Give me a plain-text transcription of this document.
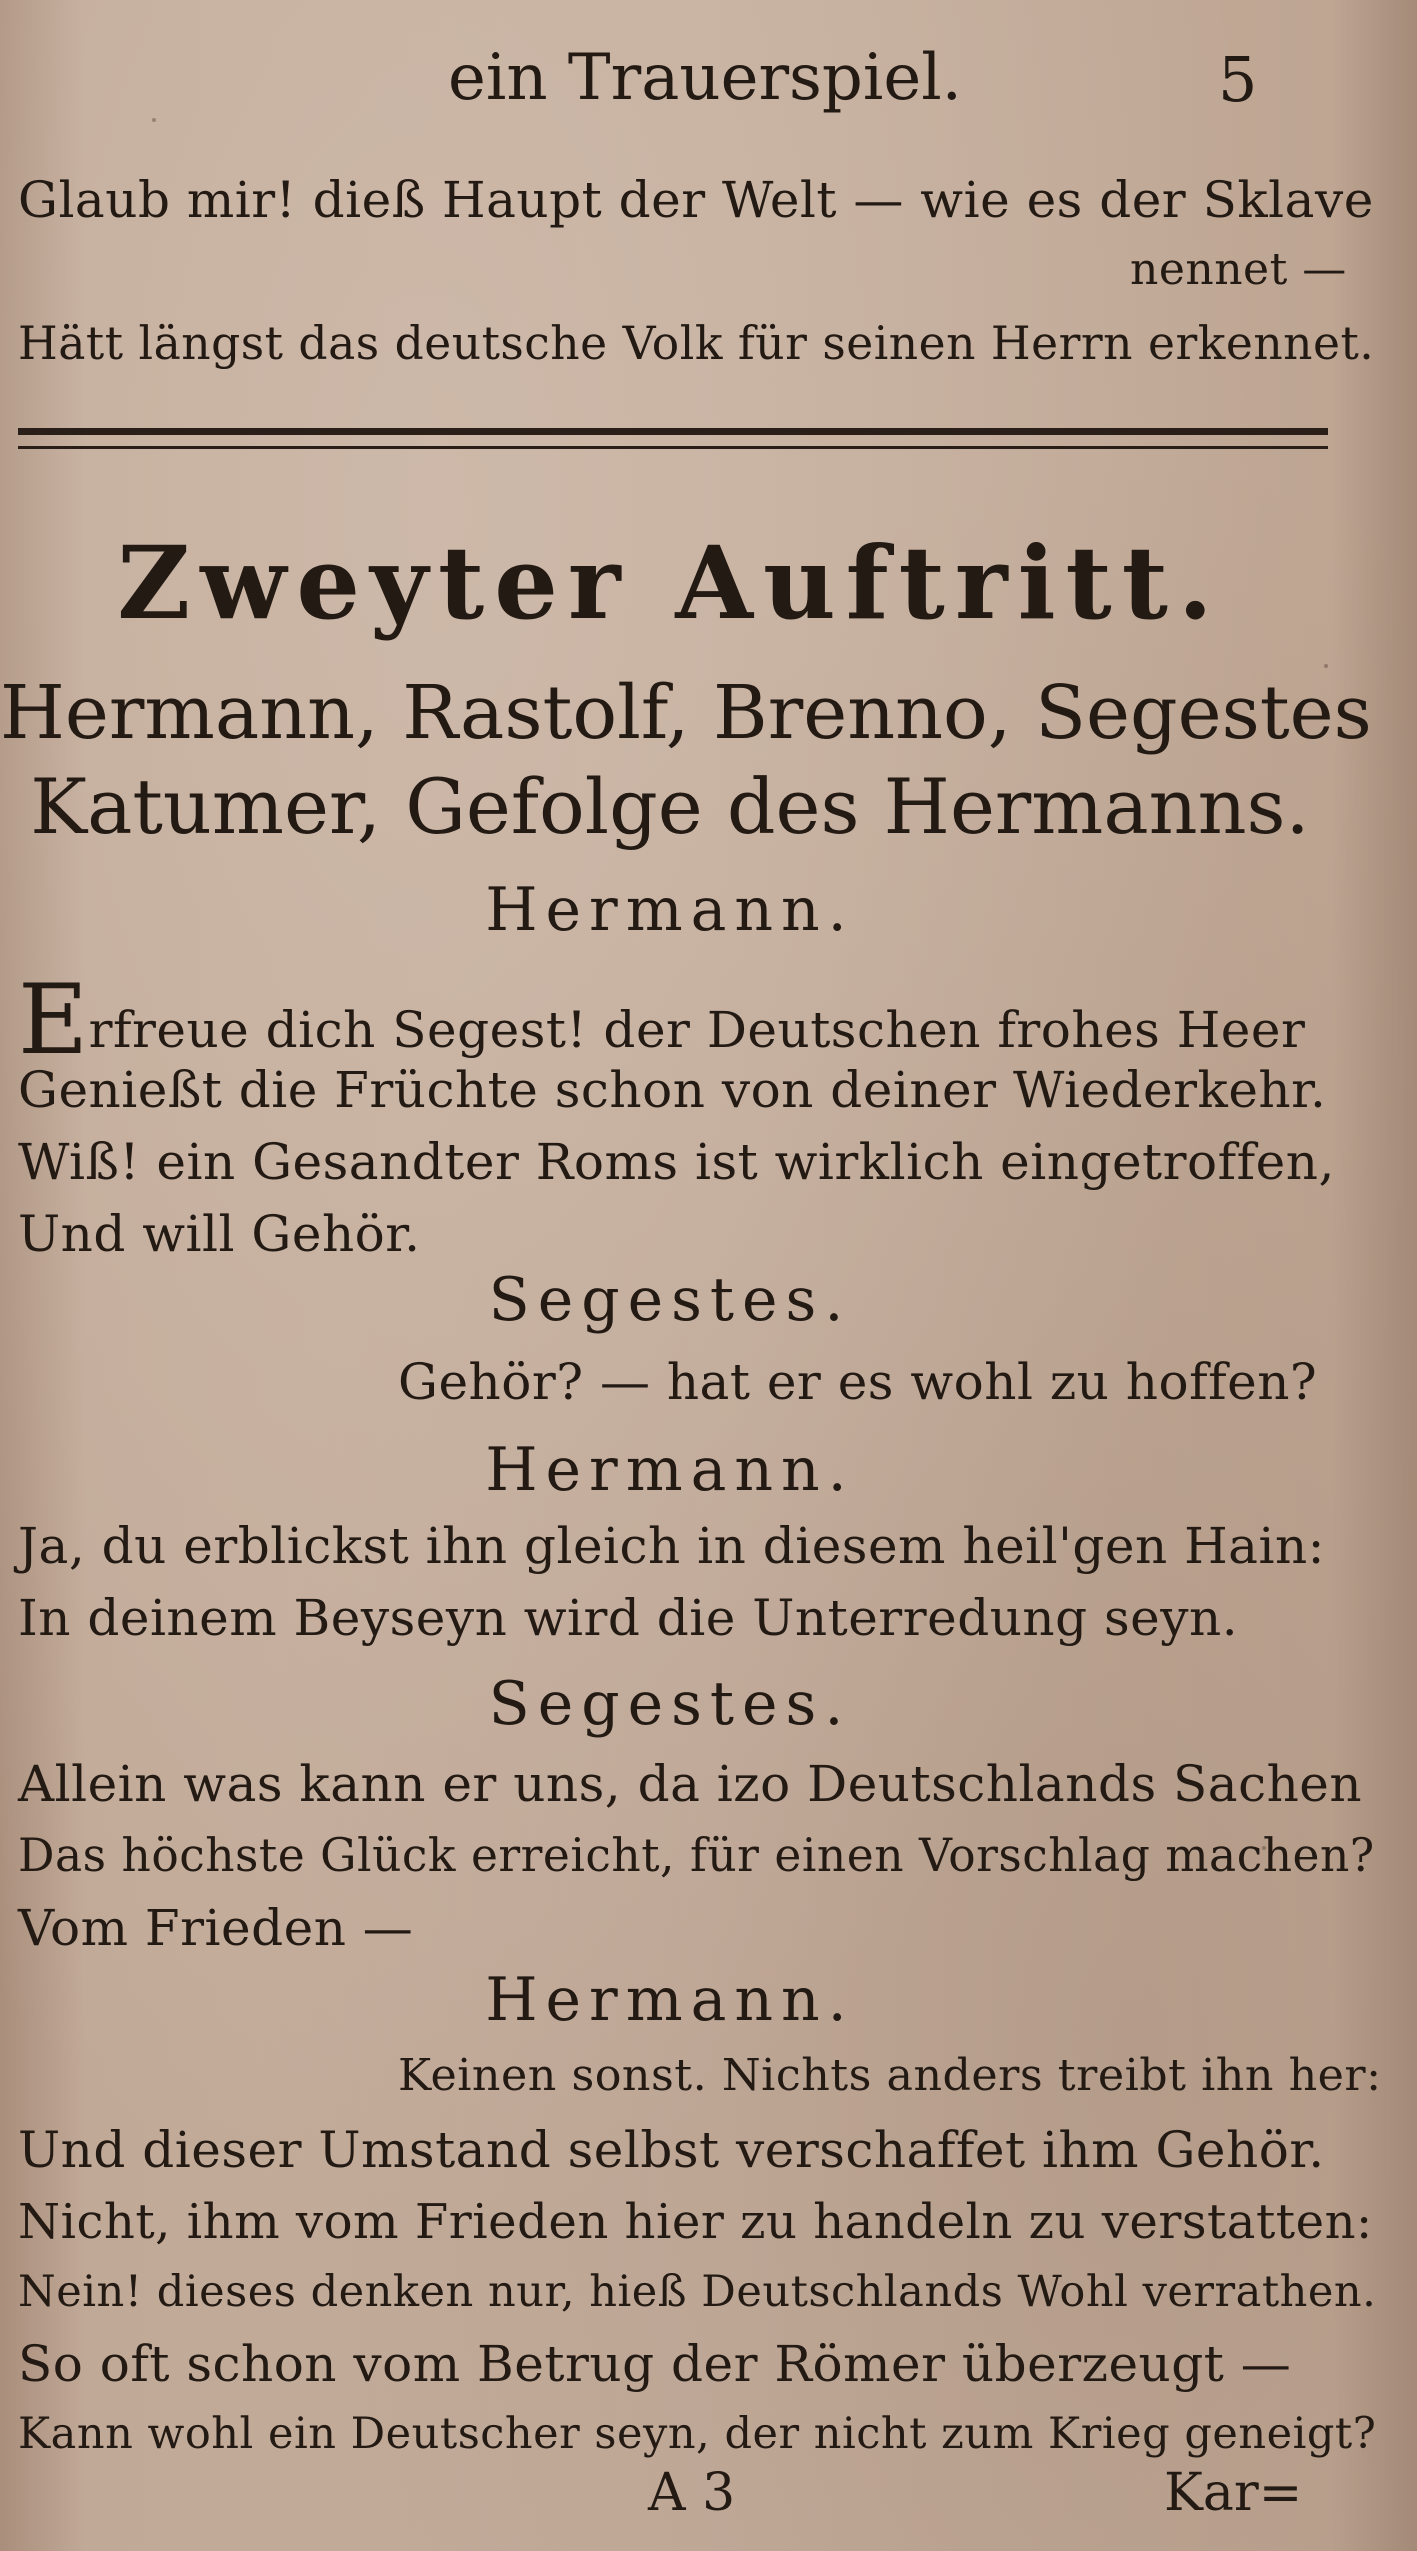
ein Trauerspiel.	5
Glaub mir! dieß Haupt der Welt — wie es der Sklave
nennet —
Hätt längst das deutsche Volk für seinen Herrn erkennet.
Zweyter Auftritt.
Hermann, Rastolf, Brenno, Segestes
Katumer, Gefolge des Hermanns.
Hermann.
Erfreue dich Segest! der Deutschen frohes Heer
Genießt die Früchte schon von deiner Wiederkehr.
Wiß! ein Gesandter Roms ist wirklich eingetroffen,
Und will Gehör.
Segestes.
Gehör? — hat er es wohl zu hoffen?
Hermann.
Ja, du erblickst ihn gleich in diesem heil'gen Hain:
In deinem Beyseyn wird die Unterredung seyn.
Segestes.
Allein was kann er uns, da izo Deutschlands Sachen
Das höchste Glück erreicht, für einen Vorschlag machen?
Vom Frieden —
Hermann.
Keinen sonst. Nichts anders treibt ihn her:
Und dieser Umstand selbst verschaffet ihm Gehör.
Nicht, ihm vom Frieden hier zu handeln zu verstatten:
Nein! dieses denken nur, hieß Deutschlands Wohl verrathen.
So oft schon vom Betrug der Römer überzeugt —
Kann wohl ein Deutscher seyn, der nicht zum Krieg geneigt?
A 3	Kar=
